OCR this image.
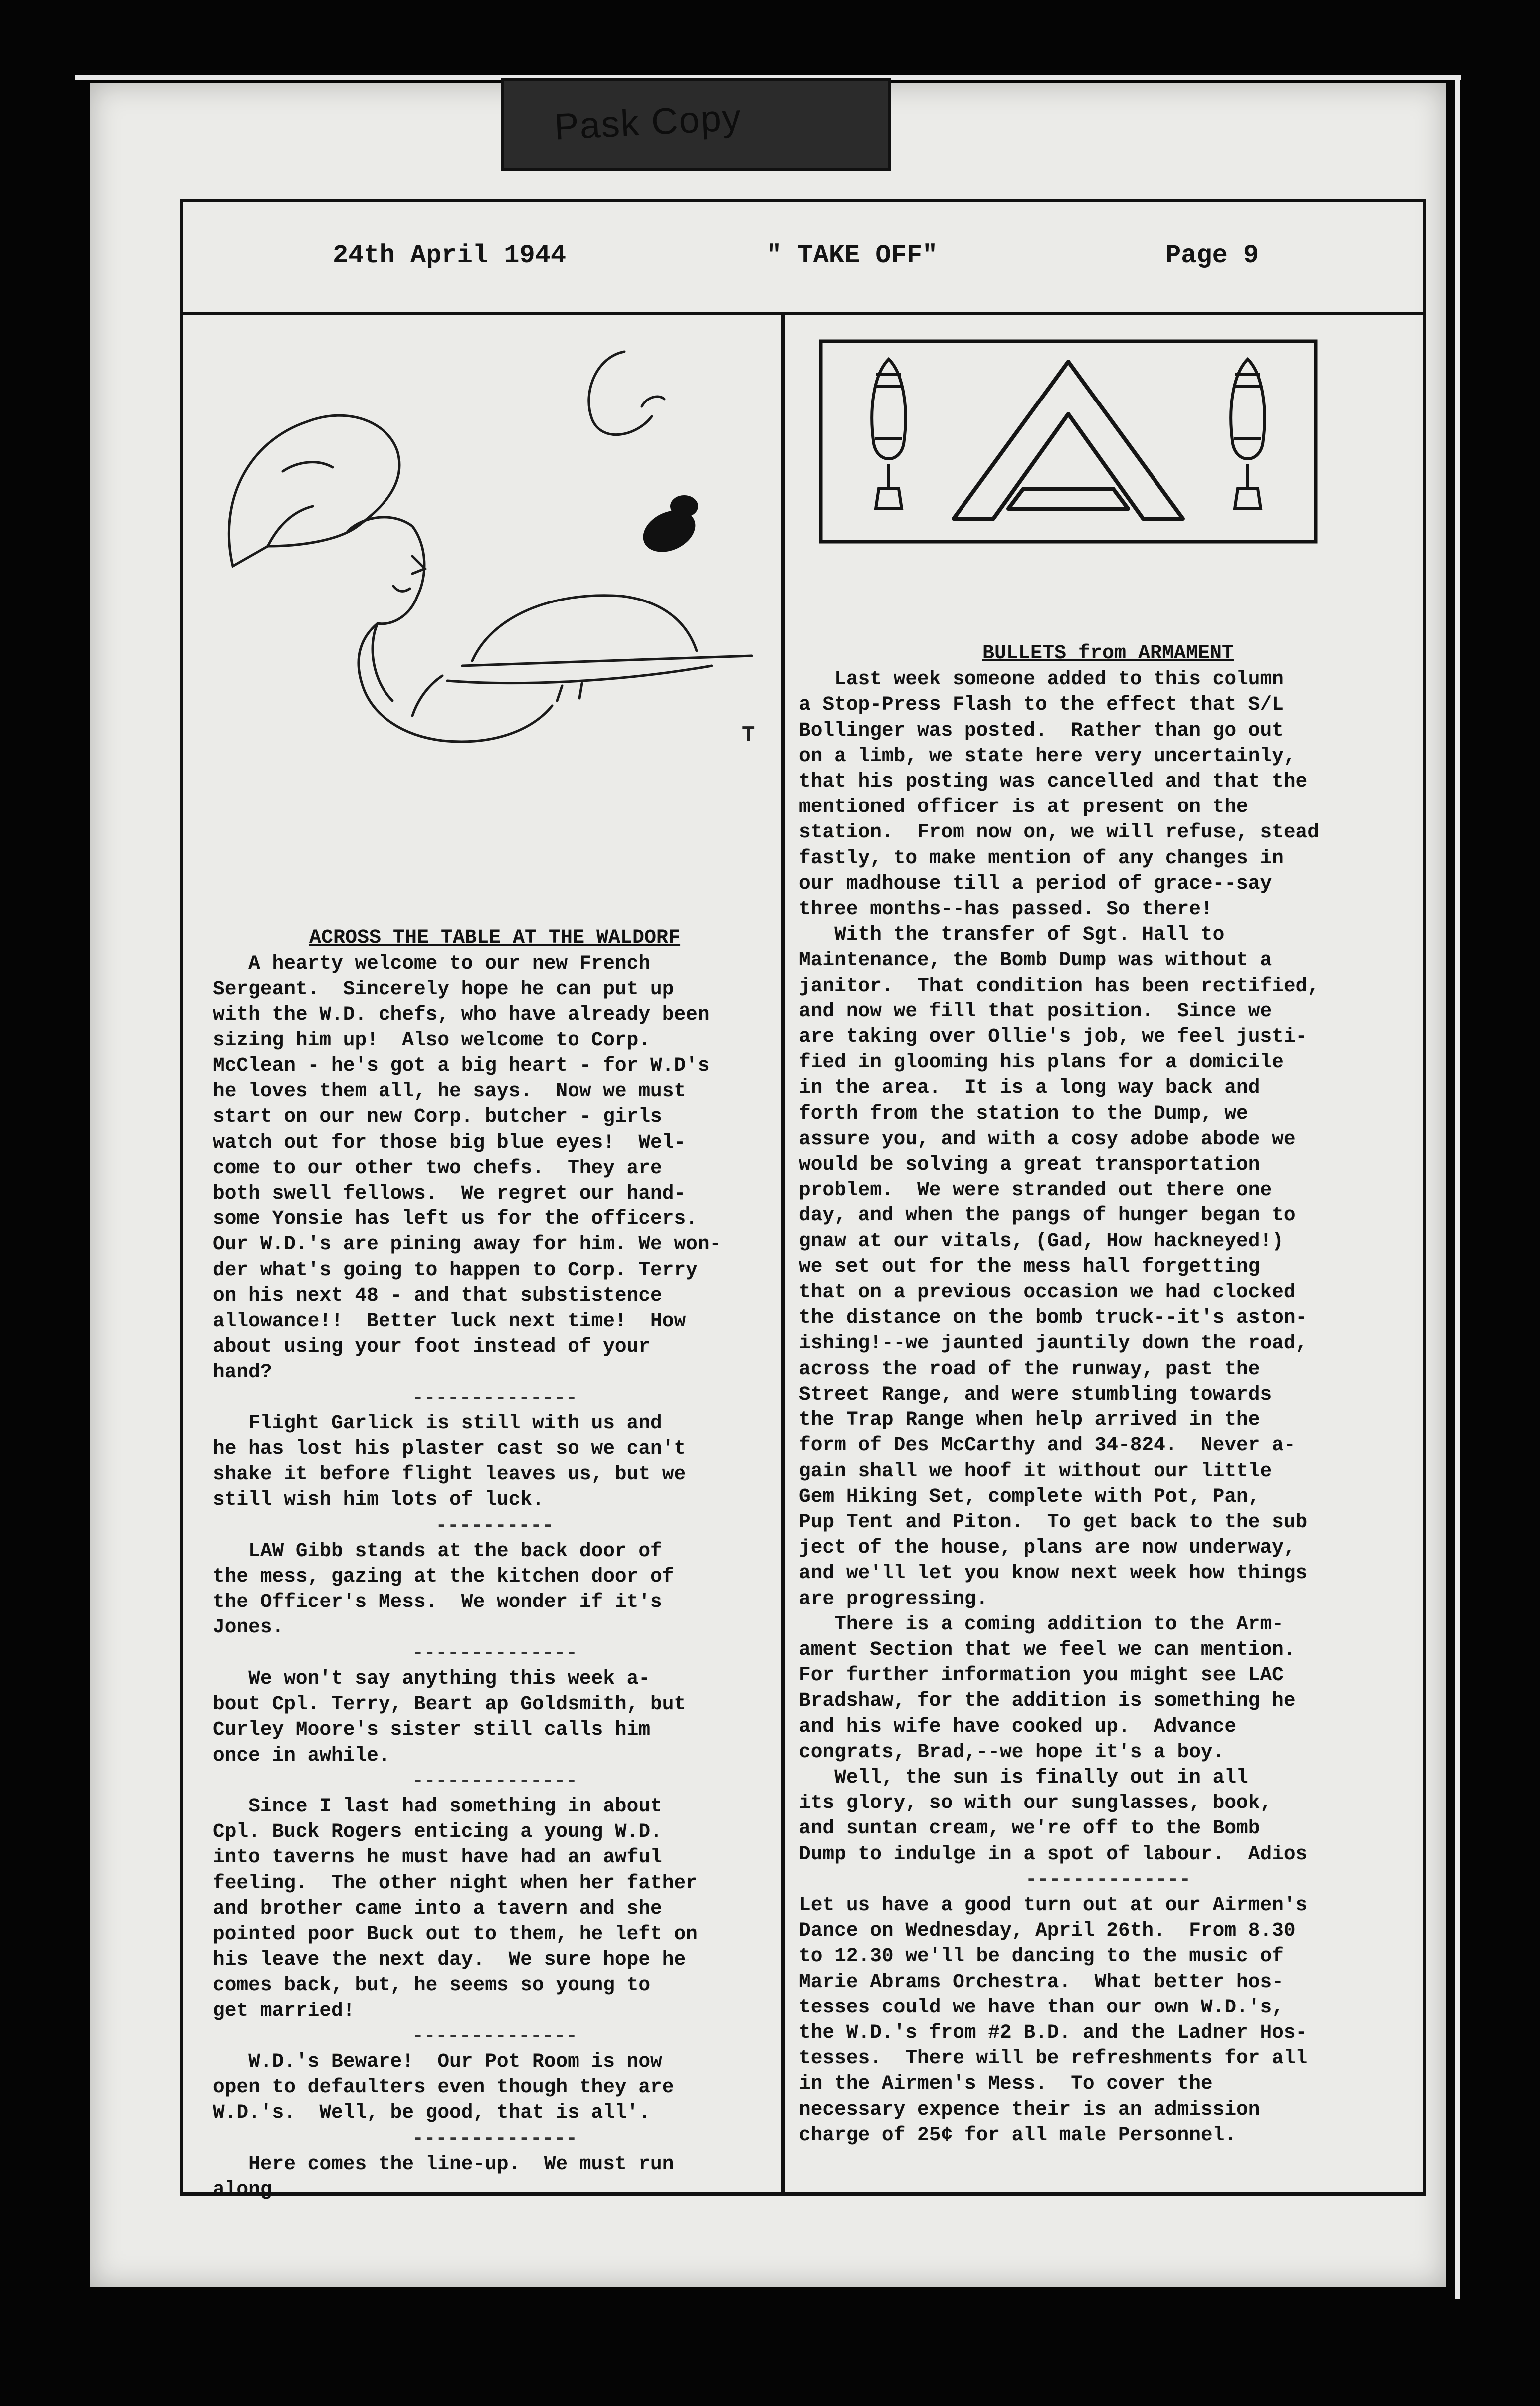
Pask Copy
24th April 1944	" TAKE OFF"	Page 9
T

ACROSS THE TABLE AT THE WALDORF

A hearty welcome to our new French

Sergeant.  Sincerely hope he can put up

with the W.D. chefs, who have already been

sizing him up!  Also welcome to Corp.

McClean - he's got a big heart - for W.D's

he loves them all, he says.  Now we must

start on our new Corp. butcher - girls

watch out for those big blue eyes!  Wel-

come to our other two chefs.  They are

both swell fellows.  We regret our hand-

some Yonsie has left us for the officers.

Our W.D.'s are pining away for him. We won-

der what's going to happen to Corp. Terry

on his next 48 - and that substistence

allowance!!  Better luck next time!  How

about using your foot instead of your

hand?

--------------

Flight Garlick is still with us and

he has lost his plaster cast so we can't

shake it before flight leaves us, but we

still wish him lots of luck.

----------

LAW Gibb stands at the back door of

the mess, gazing at the kitchen door of

the Officer's Mess.  We wonder if it's

Jones.

--------------

We won't say anything this week a-

bout Cpl. Terry, Beart ap Goldsmith, but

Curley Moore's sister still calls him

once in awhile.

--------------

Since I last had something in about

Cpl. Buck Rogers enticing a young W.D.

into taverns he must have had an awful

feeling.  The other night when her father

and brother came into a tavern and she

pointed poor Buck out to them, he left on

his leave the next day.  We sure hope he

comes back, but, he seems so young to

get married!

--------------

W.D.'s Beware!  Our Pot Room is now

open to defaulters even though they are

W.D.'s.  Well, be good, that is all'.

--------------

Here comes the line-up.  We must run

along.

BULLETS from ARMAMENT

Last week someone added to this column

a Stop-Press Flash to the effect that S/L

Bollinger was posted.  Rather than go out

on a limb, we state here very uncertainly,

that his posting was cancelled and that the

mentioned officer is at present on the

station.  From now on, we will refuse, stead

fastly, to make mention of any changes in

our madhouse till a period of grace--say

three months--has passed. So there!

With the transfer of Sgt. Hall to

Maintenance, the Bomb Dump was without a

janitor.  That condition has been rectified,

and now we fill that position.  Since we

are taking over Ollie's job, we feel justi-

fied in glooming his plans for a domicile

in the area.  It is a long way back and

forth from the station to the Dump, we

assure you, and with a cosy adobe abode we

would be solving a great transportation

problem.  We were stranded out there one

day, and when the pangs of hunger began to

gnaw at our vitals, (Gad, How hackneyed!)

we set out for the mess hall forgetting

that on a previous occasion we had clocked

the distance on the bomb truck--it's aston-

ishing!--we jaunted jauntily down the road,

across the road of the runway, past the

Street Range, and were stumbling towards

the Trap Range when help arrived in the

form of Des McCarthy and 34-824.  Never a-

gain shall we hoof it without our little

Gem Hiking Set, complete with Pot, Pan,

Pup Tent and Piton.  To get back to the sub

ject of the house, plans are now underway,

and we'll let you know next week how things

are progressing.

There is a coming addition to the Arm-

ament Section that we feel we can mention.

For further information you might see LAC

Bradshaw, for the addition is something he

and his wife have cooked up.  Advance

congrats, Brad,--we hope it's a boy.

Well, the sun is finally out in all

its glory, so with our sunglasses, book,

and suntan cream, we're off to the Bomb

Dump to indulge in a spot of labour.  Adios

--------------

Let us have a good turn out at our Airmen's

Dance on Wednesday, April 26th.  From 8.30

to 12.30 we'll be dancing to the music of

Marie Abrams Orchestra.  What better hos-

tesses could we have than our own W.D.'s,

the W.D.'s from #2 B.D. and the Ladner Hos-

tesses.  There will be refreshments for all

in the Airmen's Mess.  To cover the

necessary expence their is an admission

charge of 25¢ for all male Personnel.
